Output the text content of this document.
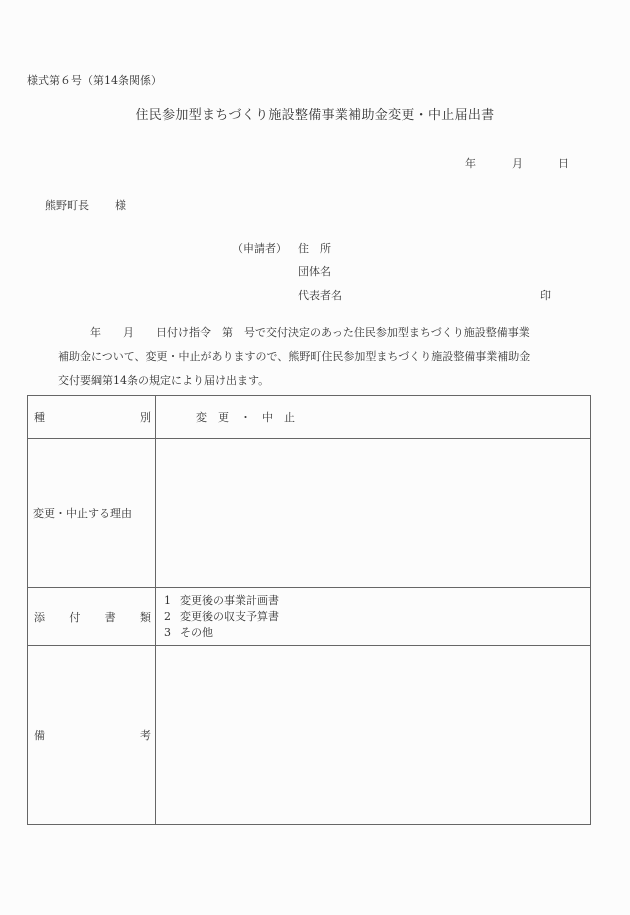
様式第６号（第14条関係）
住民参加型まちづくり施設整備事業補助金変更・中止届出書
年	月	日
熊野町長 様
（申請者） 住　所
団体名
代表者名	印
年　　月　　日付け指令　第　号で交付決定のあった住民参加型まちづくり施設整備事業
補助金について、変更・中止がありますので、熊野町住民参加型まちづくり施設整備事業補助金
交付要綱第14条の規定により届け出ます。
種 別	変　更　・　中　止
変更・中止する理由	

添 付 書 類

1 変更後の事業計画書
2 変更後の収支予算書
3 その他

備 考	
